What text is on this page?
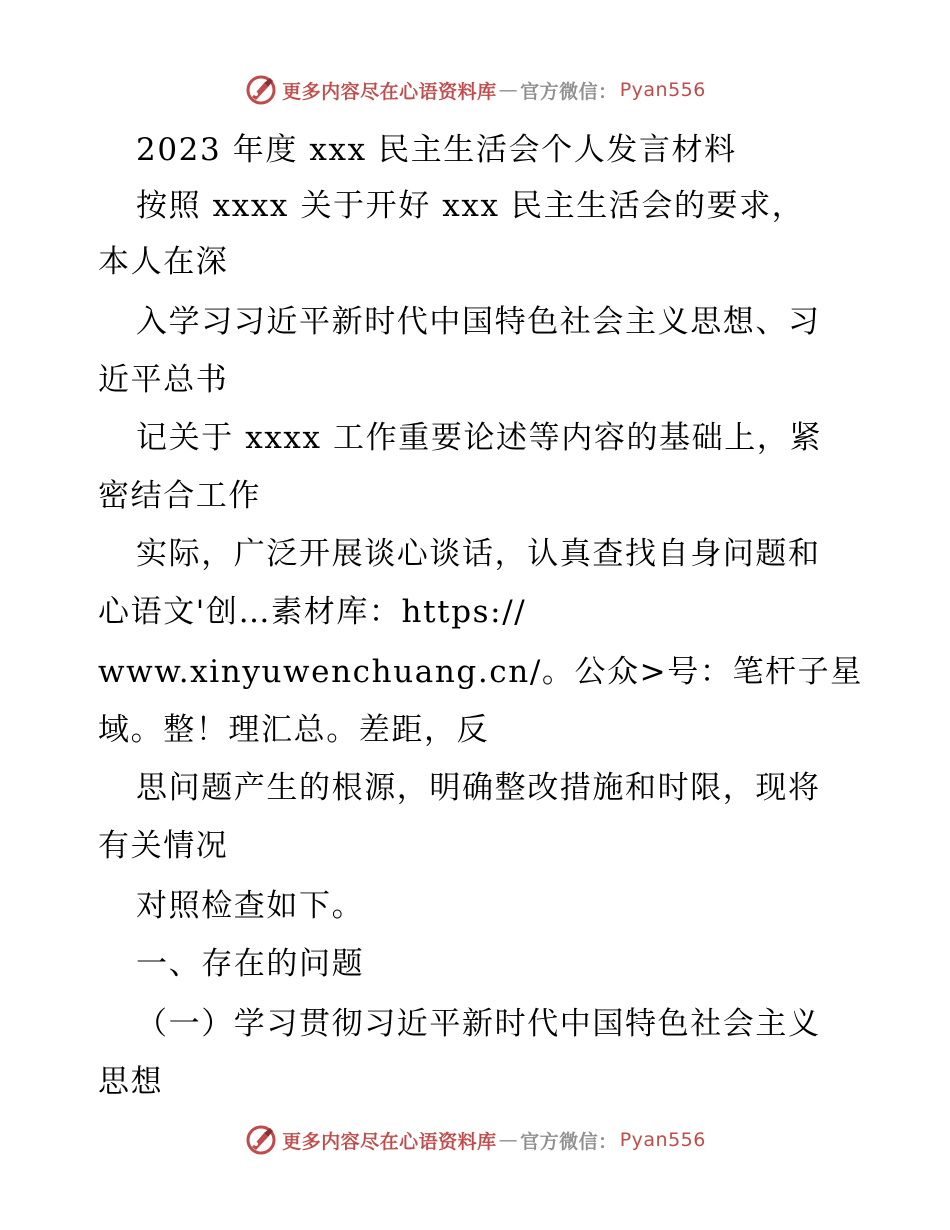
更多内容尽在心语资料库 — 官方微信： Pyan556
2023 年度 xxx 民主生活会个人发言材料
按照 xxxx 关于开好 xxx 民主生活会的要求，
本人在深
入学习习近平新时代中国特色社会主义思想、习
近平总书
记关于 xxxx 工作重要论述等内容的基础上，紧
密结合工作
实际，广泛开展谈心谈话，认真查找自身问题和
心语文'创…素材库：https://
www.xinyuwenchuang.cn/。公众>号：笔杆子星
域。整！理汇总。差距，反
思问题产生的根源，明确整改措施和时限，现将
有关情况
对照检查如下。
一、存在的问题
（一）学习贯彻习近平新时代中国特色社会主义
思想
更多内容尽在心语资料库 — 官方微信： Pyan556
